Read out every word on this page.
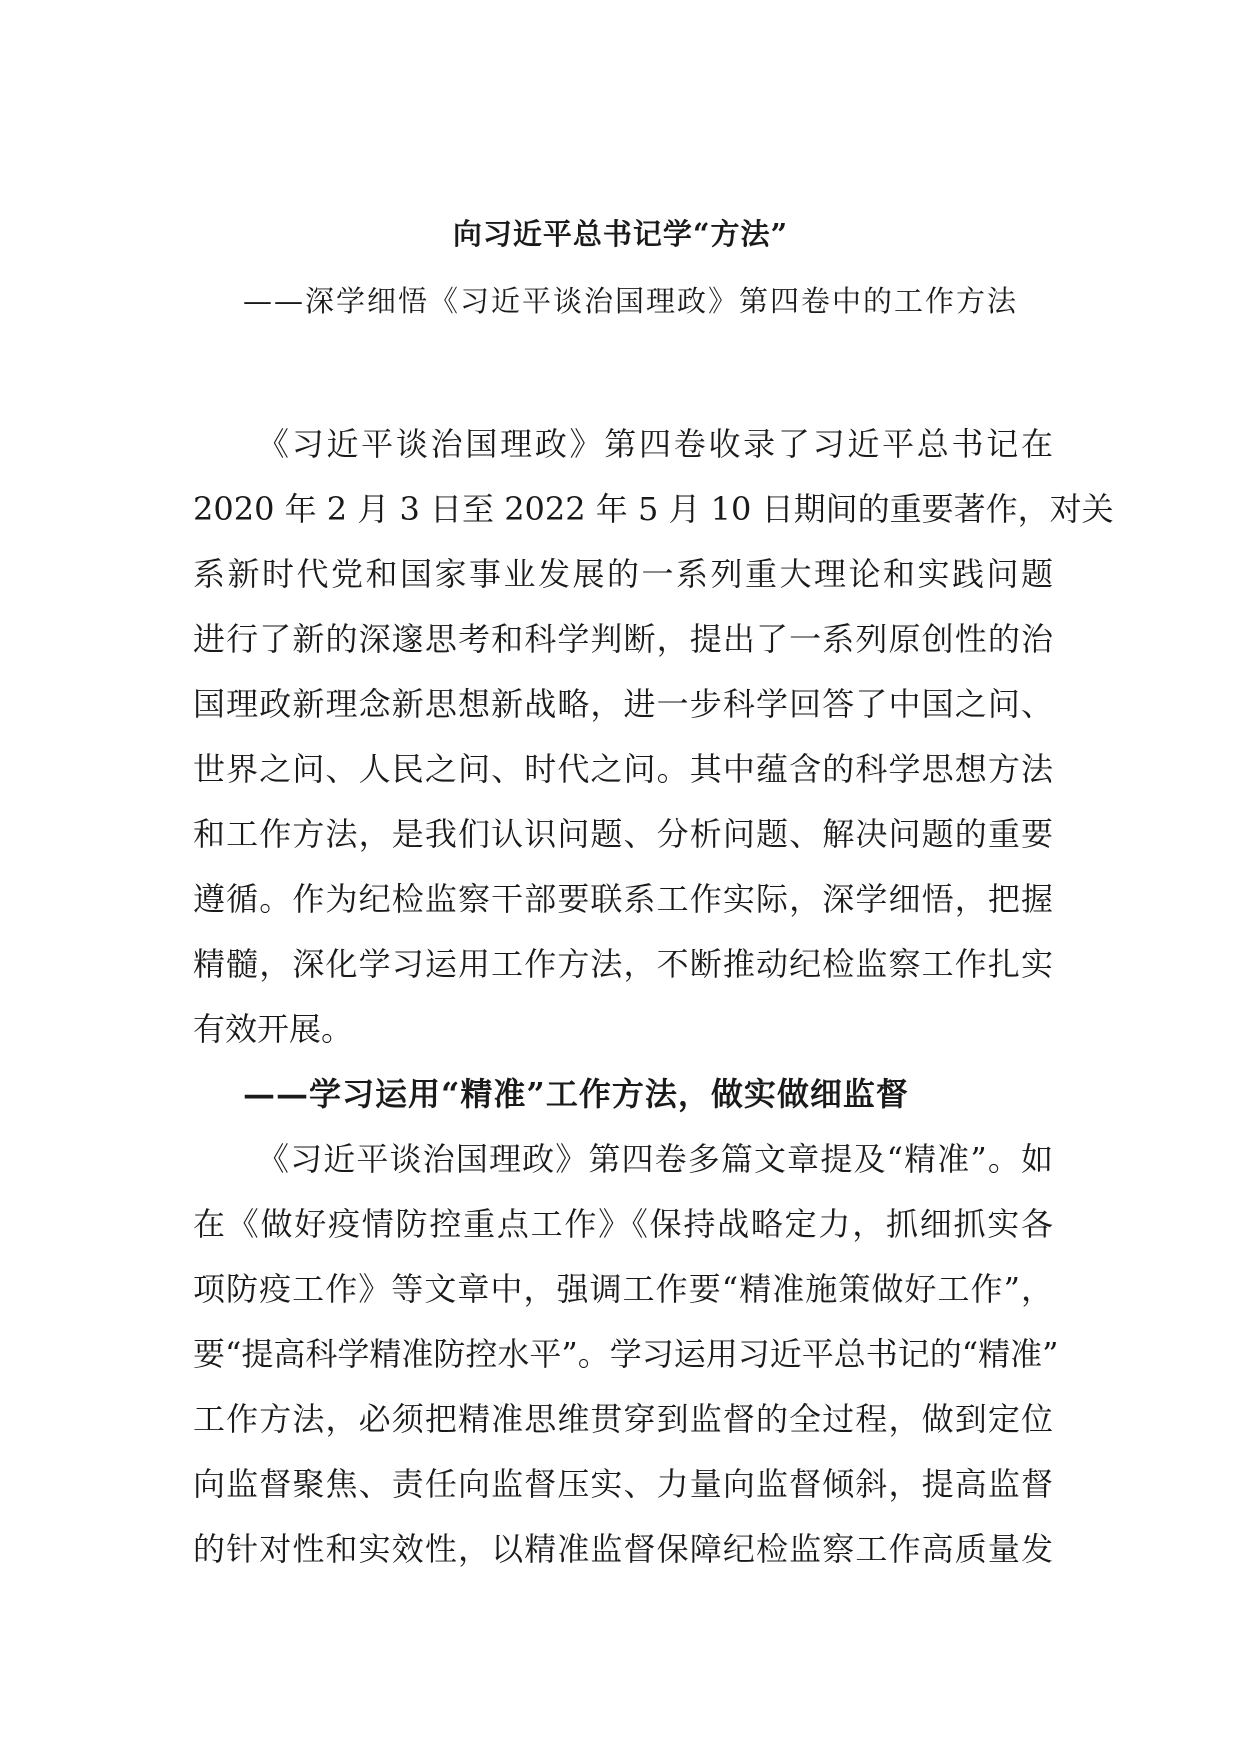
向习近平总书记学“方法”
——深学细悟《习近平谈治国理政》第四卷中的工作方法
《习近平谈治国理政》第四卷收录了习近平总书记在
2020 年 2 月 3 日至 2022 年 5 月 10 日期间的重要著作，对关
系新时代党和国家事业发展的一系列重大理论和实践问题
进行了新的深邃思考和科学判断，提出了一系列原创性的治
国理政新理念新思想新战略，进一步科学回答了中国之问、
世界之问、人民之问、时代之问。其中蕴含的科学思想方法
和工作方法，是我们认识问题、分析问题、解决问题的重要
遵循。作为纪检监察干部要联系工作实际，深学细悟，把握
精髓，深化学习运用工作方法，不断推动纪检监察工作扎实
有效开展。
——学习运用“精准”工作方法，做实做细监督
《习近平谈治国理政》第四卷多篇文章提及“精准”。如
在《做好疫情防控重点工作》《保持战略定力，抓细抓实各
项防疫工作》等文章中，强调工作要“精准施策做好工作”，
要“提高科学精准防控水平”。学习运用习近平总书记的“精准”
工作方法，必须把精准思维贯穿到监督的全过程，做到定位
向监督聚焦、责任向监督压实、力量向监督倾斜，提高监督
的针对性和实效性，以精准监督保障纪检监察工作高质量发
